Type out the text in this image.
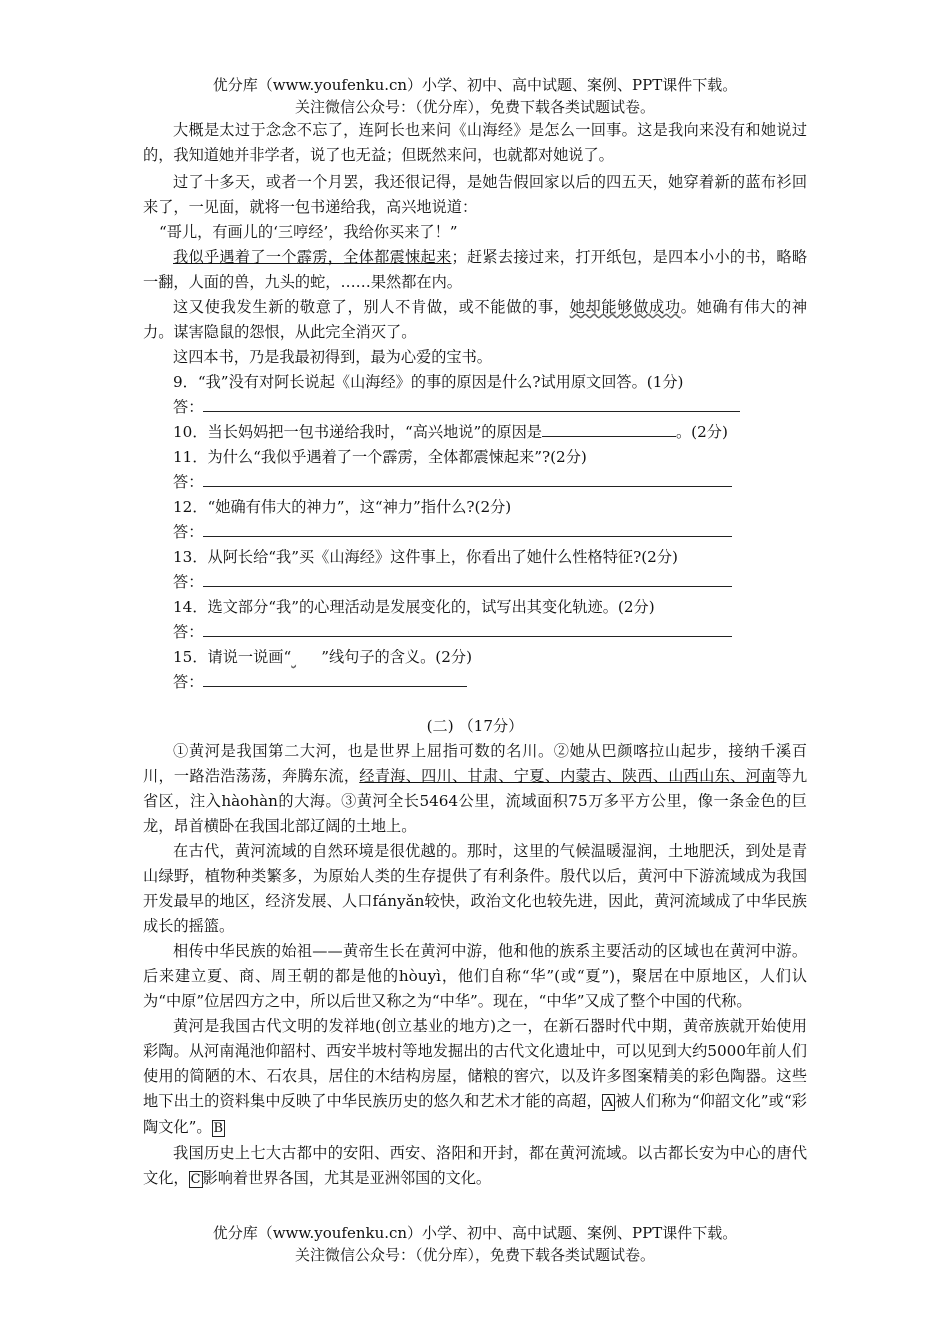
优分库（www.youfenku.cn）小学、初中、高中试题、案例、PPT课件下载。
关注微信公众号：（优分库），免费下载各类试题试卷。

大概是太过于念念不忘了，连阿长也来问《山海经》是怎么一回事。这是我向来没有和她说过的，我知道她并非学者，说了也无益；但既然来问，也就都对她说了。

过了十多天，或者一个月罢，我还很记得，是她告假回家以后的四五天，她穿着新的蓝布衫回来了，一见面，就将一包书递给我，高兴地说道：

“哥儿，有画儿的‘三哼经’，我给你买来了！”

我似乎遇着了一个霹雳，全体都震悚起来；赶紧去接过来，打开纸包，是四本小小的书，略略一翻，人面的兽，九头的蛇，……果然都在内。

这又使我发生新的敬意了，别人不肯做，或不能做的事，她却能够做成功。她确有伟大的神力。谋害隐鼠的怨恨，从此完全消灭了。

这四本书，乃是我最初得到，最为心爱的宝书。

9．“我”没有对阿长说起《山海经》的事的原因是什么?试用原文回答。(1分)

答：

10．当长妈妈把一包书递给我时，“高兴地说”的原因是	。(2分)

11．为什么“我似乎遇着了一个霹雳，全体都震悚起来”?(2分)

答：

12．“她确有伟大的神力”，这“神力”指什么?(2分)

答：

13．从阿长给“我”买《山海经》这件事上，你看出了她什么性格特征?(2分)

答：

14．选文部分“我”的心理活动是发展变化的，试写出其变化轨迹。(2分)

答：

15．请说一说画“ ”线句子的含义。(2分)

答：

(二) （17分）

①黄河是我国第二大河，也是世界上屈指可数的名川。②她从巴颜喀拉山起步，接纳千溪百川，一路浩浩荡荡，奔腾东流，经青海、四川、甘肃、宁夏、内蒙古、陕西、山西山东、河南等九省区，注入hàohàn的大海。③黄河全长5464公里，流域面积75万多平方公里，像一条金色的巨龙，昂首横卧在我国北部辽阔的土地上。

在古代，黄河流域的自然环境是很优越的。那时，这里的气候温暖湿润，土地肥沃，到处是青山绿野，植物种类繁多，为原始人类的生存提供了有利条件。殷代以后，黄河中下游流域成为我国开发最早的地区，经济发展、人口fányǎn较快，政治文化也较先进，因此，黄河流域成了中华民族成长的摇篮。

相传中华民族的始祖——黄帝生长在黄河中游，他和他的族系主要活动的区域也在黄河中游。后来建立夏、商、周王朝的都是他的hòuyì，他们自称“华”(或“夏”)，聚居在中原地区，人们认为“中原”位居四方之中，所以后世又称之为“中华”。现在，“中华”又成了整个中国的代称。

黄河是我国古代文明的发祥地(创立基业的地方)之一，在新石器时代中期，黄帝族就开始使用彩陶。从河南渑池仰韶村、西安半坡村等地发掘出的古代文化遗址中，可以见到大约5000年前人们使用的简陋的木、石农具，居住的木结构房屋，储粮的窖穴，以及许多图案精美的彩色陶器。这些地下出土的资料集中反映了中华民族历史的悠久和艺术才能的高超， A 被人们称为“仰韶文化”或“彩陶文化”。 B

我国历史上七大古都中的安阳、西安、洛阳和开封，都在黄河流域。以古都长安为中心的唐代文化， C 影响着世界各国，尤其是亚洲邻国的文化。

优分库（www.youfenku.cn）小学、初中、高中试题、案例、PPT课件下载。
关注微信公众号：（优分库），免费下载各类试题试卷。
